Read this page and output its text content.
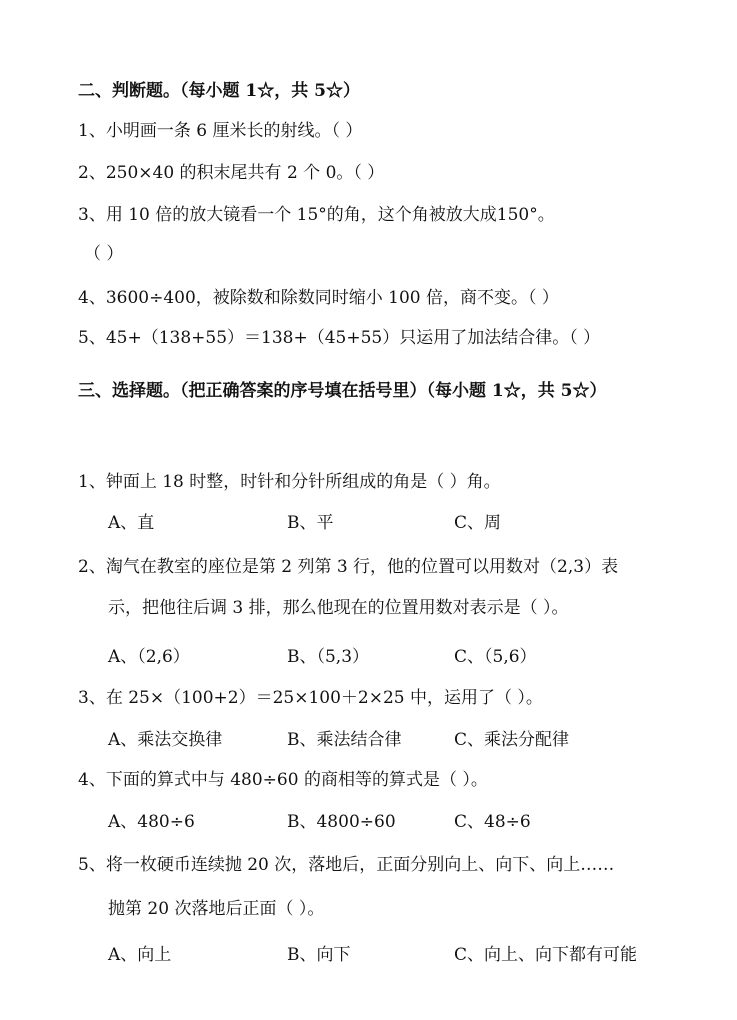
二、判断题。（每小题 1☆，共 5☆）
1、小明画一条 6 厘米长的射线。（ ）
2、250×40 的积末尾共有 2 个 0。（ ）
3、用 10 倍的放大镜看一个 15°的角，这个角被放大成150°。
（ ）
4、3600÷400，被除数和除数同时缩小 100 倍，商不变。（ ）
5、45+（138+55）＝138+（45+55）只运用了加法结合律。（ ）
三、选择题。（把正确答案的序号填在括号里）（每小题 1☆，共 5☆）
1、钟面上 18 时整，时针和分针所组成的角是（ ）角。
A、直	B、平	C、周
2、淘气在教室的座位是第 2 列第 3 行，他的位置可以用数对（2,3）表
示，把他往后调 3 排，那么他现在的位置用数对表示是（ ）。
A、（2,6）	B、（5,3）	C、（5,6）
3、在 25×（100+2）＝25×100＋2×25 中，运用了（ ）。
A、乘法交换律	B、乘法结合律	C、乘法分配律
4、下面的算式中与 480÷60 的商相等的算式是（ ）。
A、480÷6	B、4800÷60	C、48÷6
5、将一枚硬币连续抛 20 次，落地后，正面分别向上、向下、向上……
抛第 20 次落地后正面（ ）。
A、向上	B、向下	C、向上、向下都有可能
